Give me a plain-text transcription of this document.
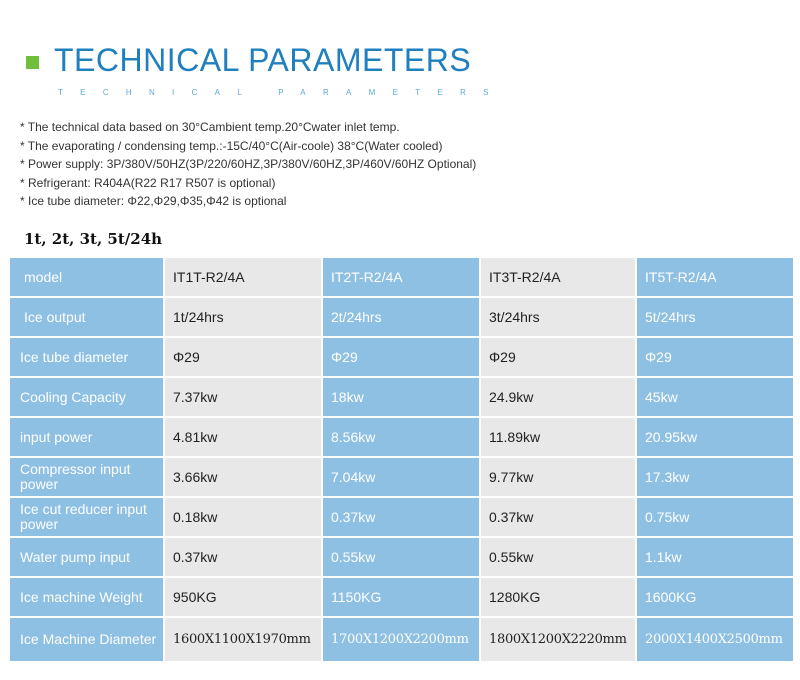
TECHNICAL PARAMETERS
TECHNICAL PARAMETERS
* The technical data based on 30°Cambient temp.20°Cwater inlet temp.
* The evaporating / condensing temp.:-15C/40°C(Air-coole) 38°C(Water cooled)
* Power supply: 3P/380V/50HZ(3P/220/60HZ,3P/380V/60HZ,3P/460V/60HZ Optional)
* Refrigerant: R404A(R22 R17 R507 is optional)
* Ice tube diameter: Φ22,Φ29,Φ35,Φ42 is optional
1t, 2t, 3t, 5t/24h
model	IT1T-R2/4A	IT2T-R2/4A	IT3T-R2/4A	IT5T-R2/4A
Ice output	1t/24hrs	2t/24hrs	3t/24hrs	5t/24hrs
Ice tube diameter	Φ29	Φ29	Φ29	Φ29
Cooling Capacity	7.37kw	18kw	24.9kw	45kw
input power	4.81kw	8.56kw	11.89kw	20.95kw
Compressor input power	3.66kw	7.04kw	9.77kw	17.3kw
Ice cut reducer input power	0.18kw	0.37kw	0.37kw	0.75kw
Water pump input	0.37kw	0.55kw	0.55kw	1.1kw
Ice machine Weight	950KG	1150KG	1280KG	1600KG
Ice Machine Diameter	1600X1100X1970mm	1700X1200X2200mm	1800X1200X2220mm	2000X1400X2500mm
